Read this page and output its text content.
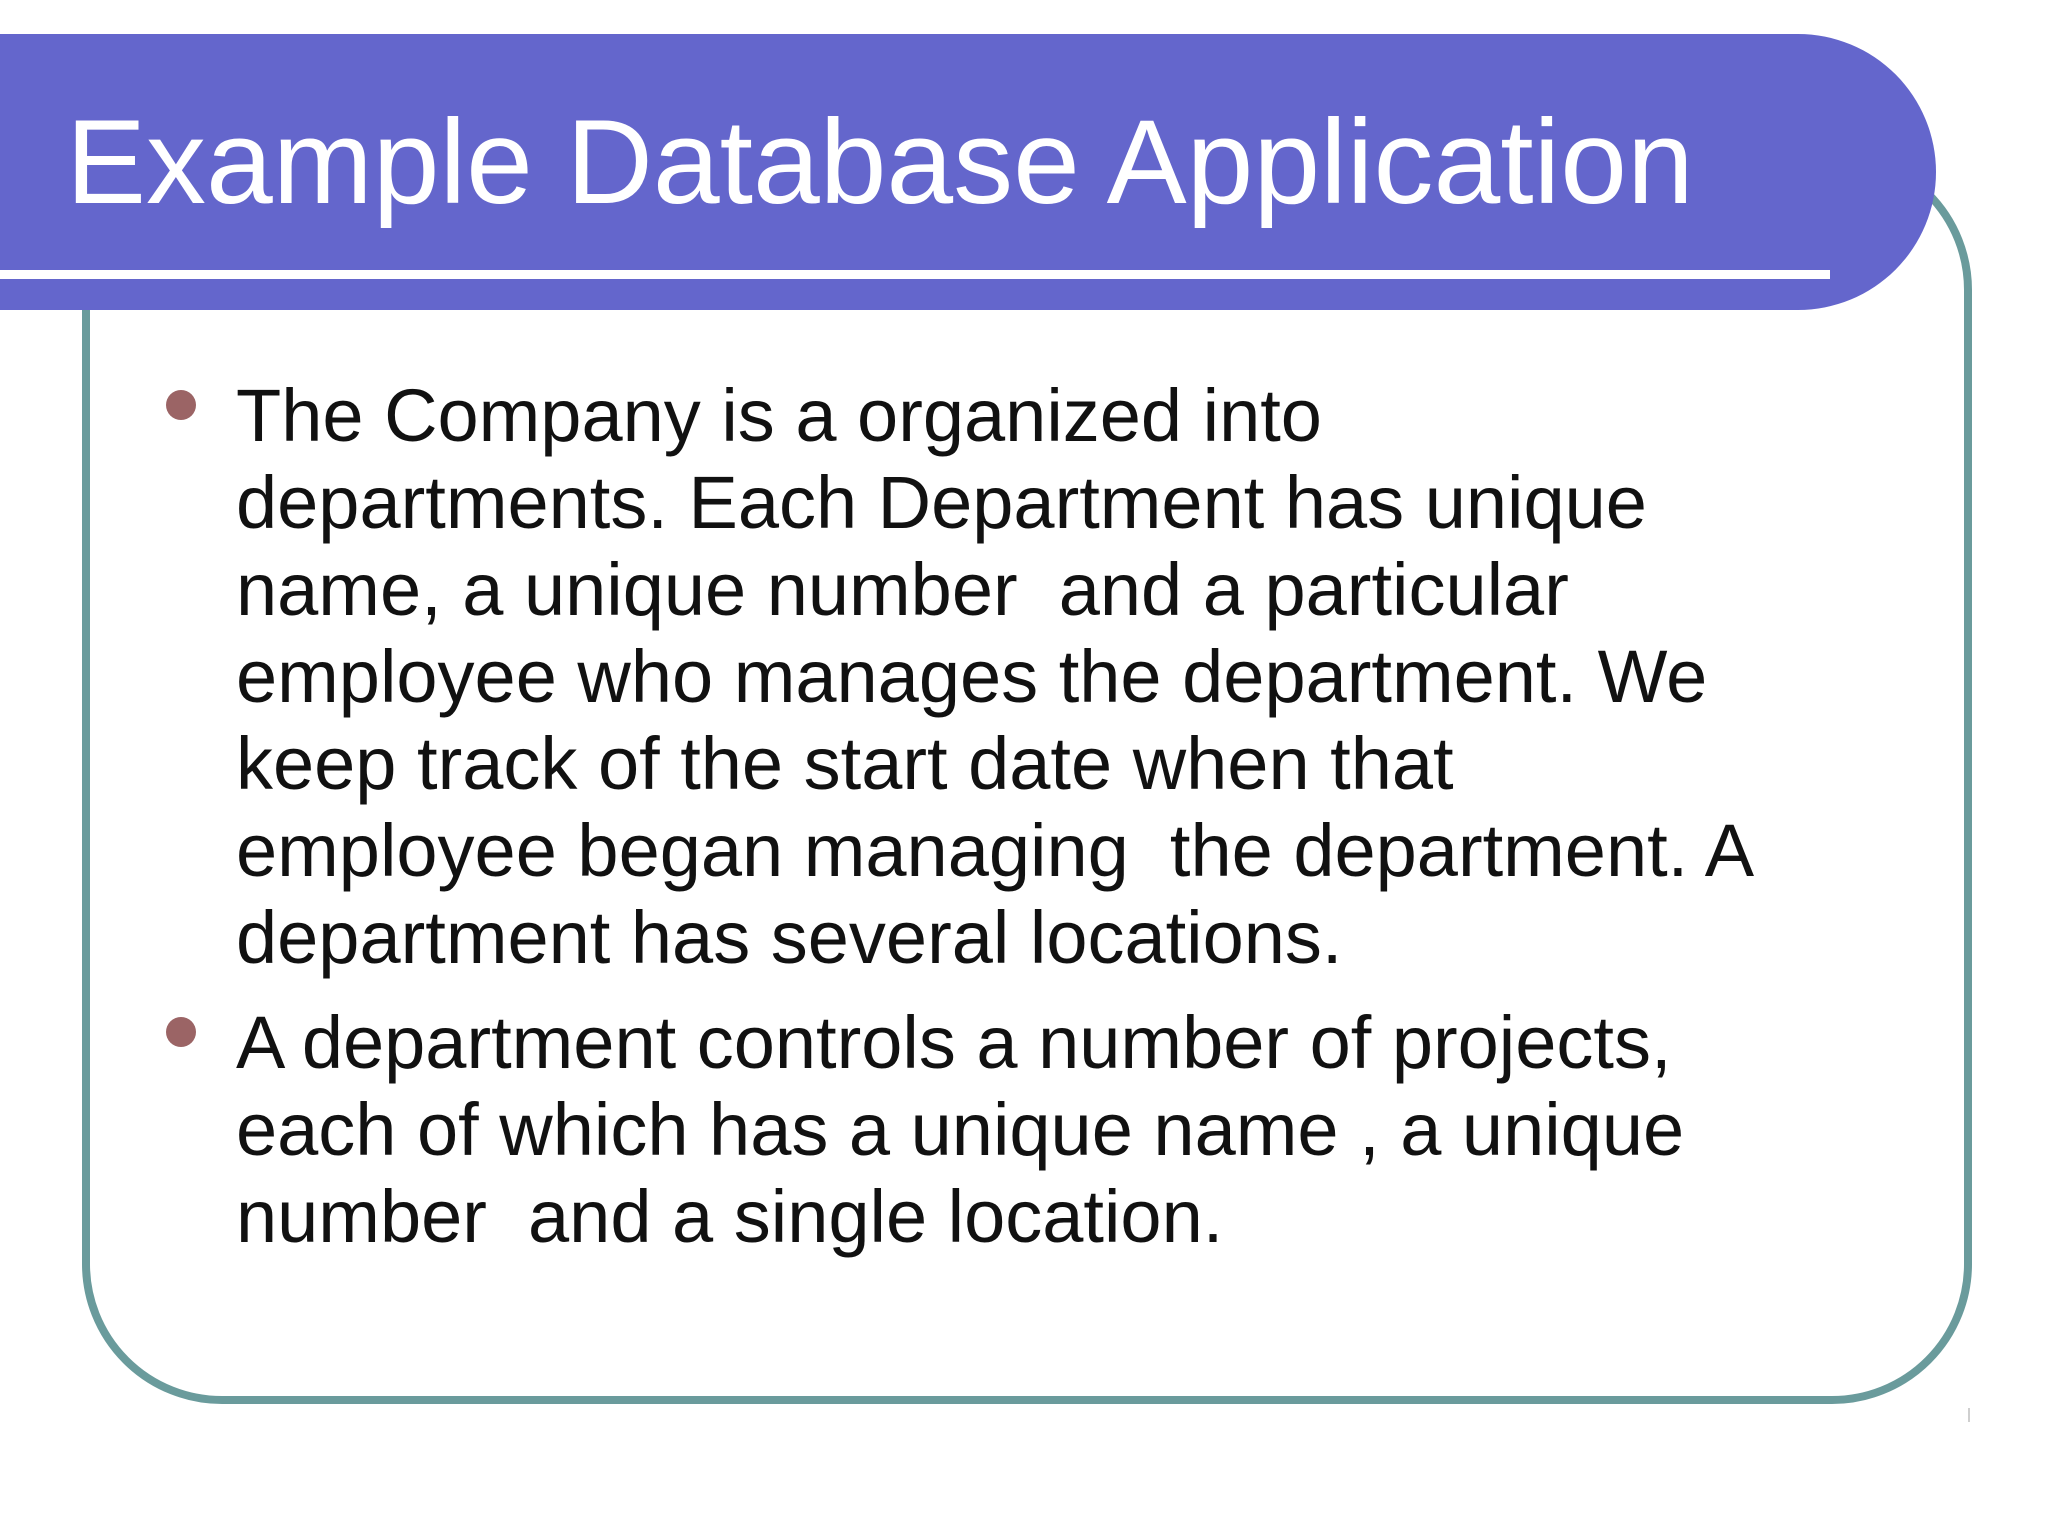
Example Database Application
The Company is a organized into
departments. Each Department has unique
name, a unique number  and a particular
employee who manages the department. We
keep track of the start date when that
employee began managing  the department. A
department has several locations.
A department controls a number of projects,
each of which has a unique name , a unique
number  and a single location.
